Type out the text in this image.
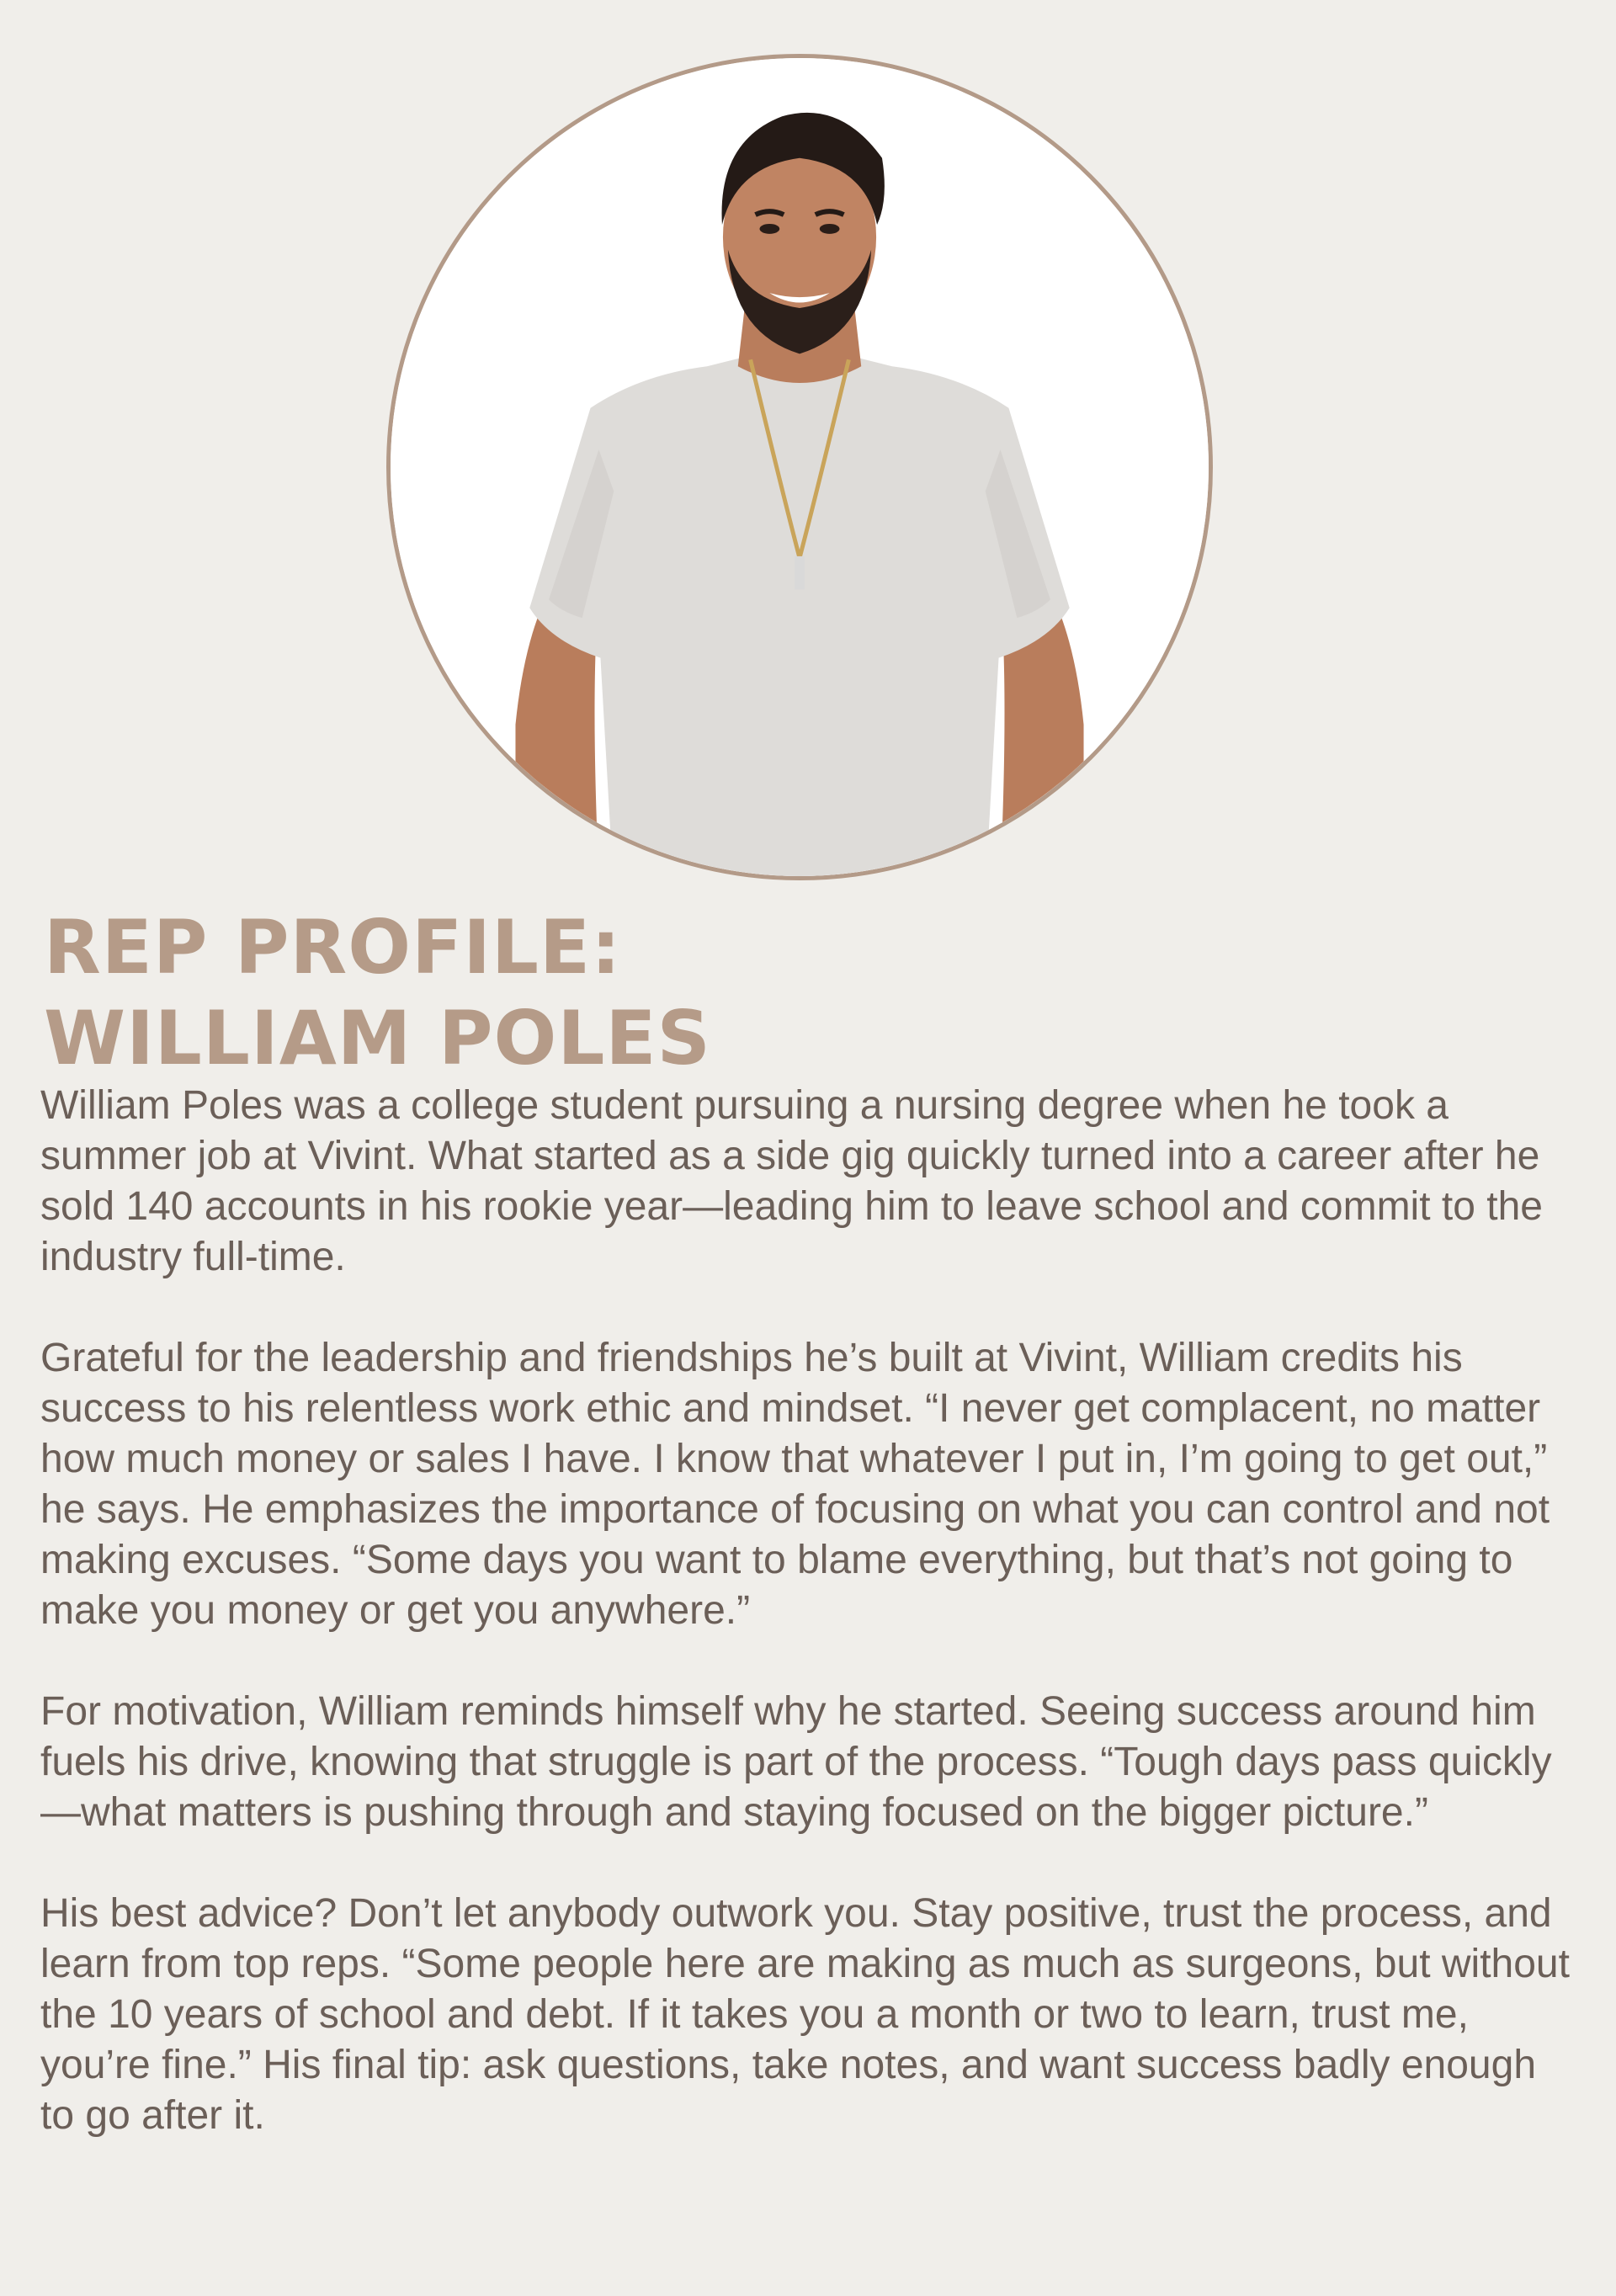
REP PROFILE:
WILLIAM POLES

William Poles was a college student pursuing a nursing degree when he took a summer job at Vivint. What started as a side gig quickly turned into a career after he sold 140 accounts in his rookie year—leading him to leave school and commit to the industry full-time.

Grateful for the leadership and friendships he’s built at Vivint, William credits his success to his relentless work ethic and mindset. “I never get complacent, no matter how much money or sales I have. I know that whatever I put in, I’m going to get out,” he says. He emphasizes the importance of focusing on what you can control and not making excuses. “Some days you want to blame everything, but that’s not going to make you money or get you anywhere.”

For motivation, William reminds himself why he started. Seeing success around him fuels his drive, knowing that struggle is part of the process. “Tough days pass quickly—what matters is pushing through and staying focused on the bigger picture.”

His best advice? Don’t let anybody outwork you. Stay positive, trust the process, and learn from top reps. “Some people here are making as much as surgeons, but without the 10 years of school and debt. If it takes you a month or two to learn, trust me, you’re fine.” His final tip: ask questions, take notes, and want success badly enough to go after it.
